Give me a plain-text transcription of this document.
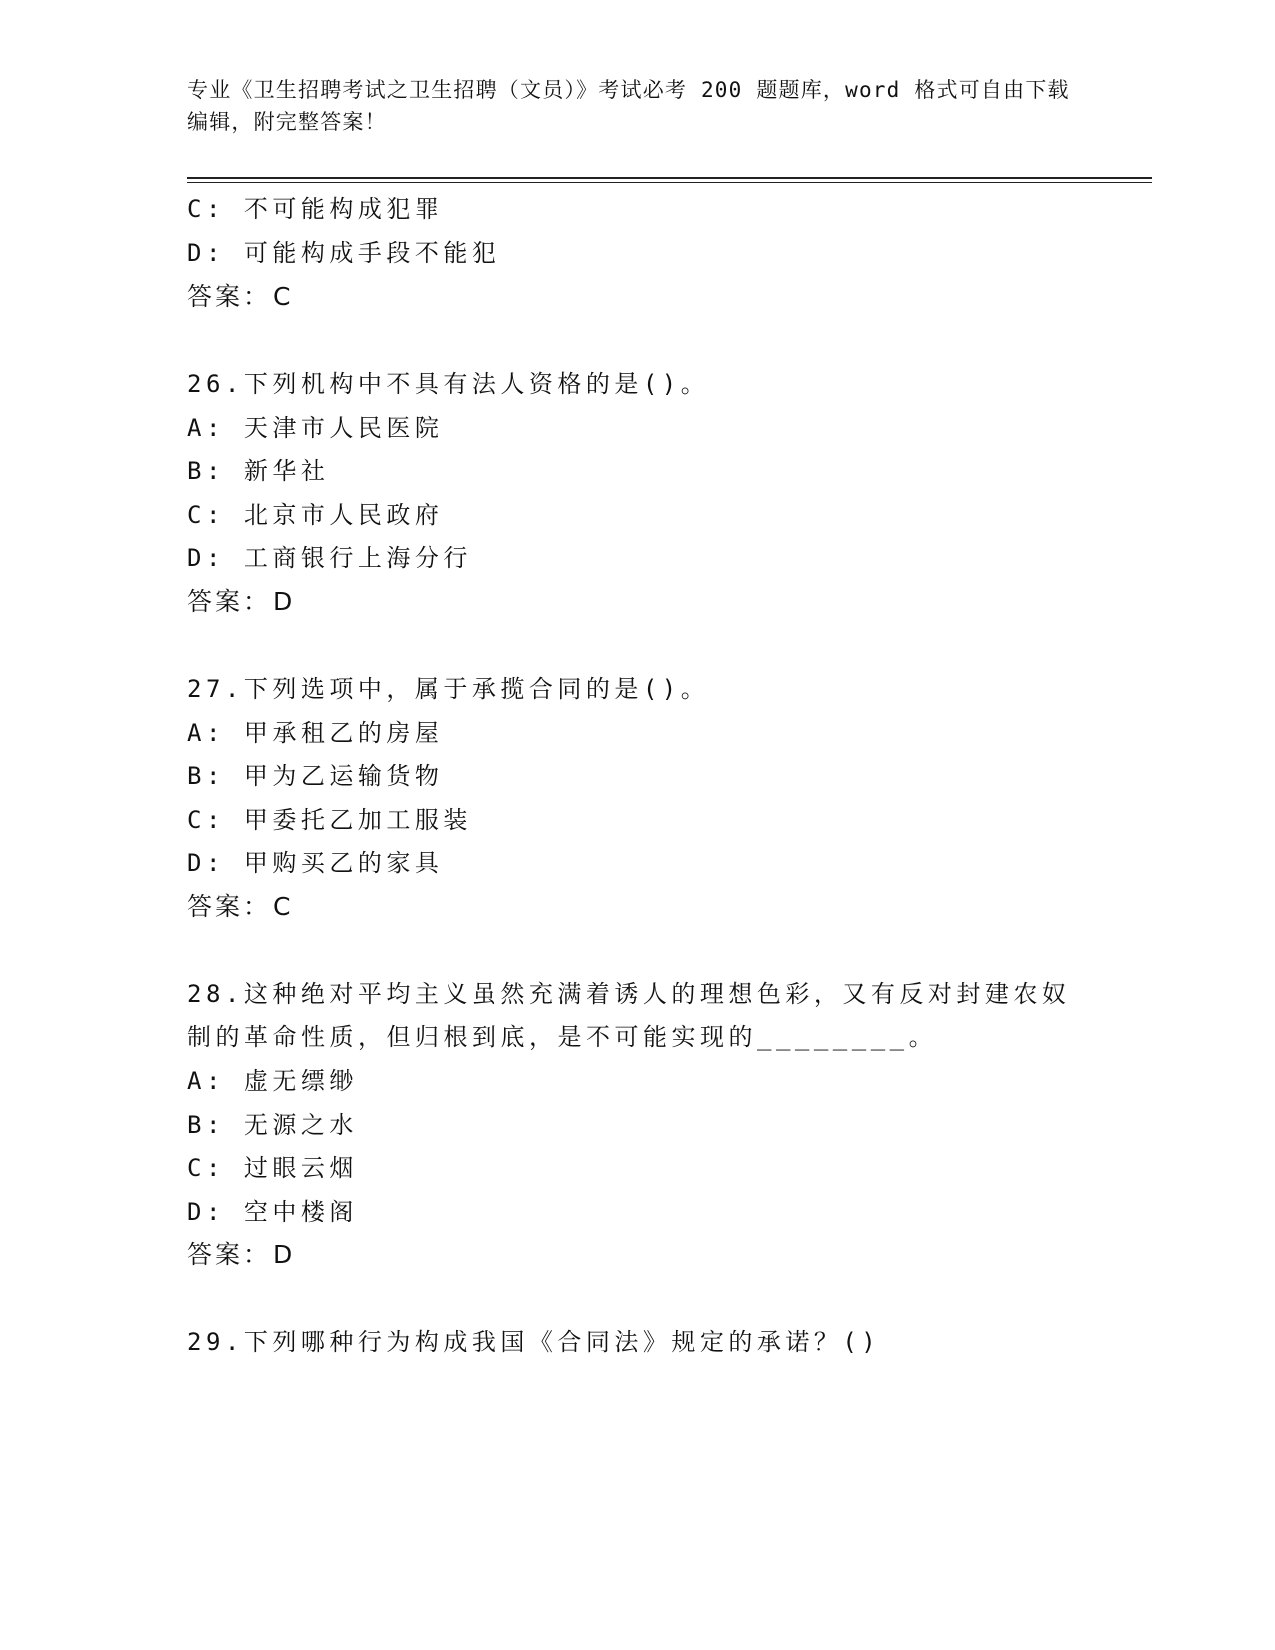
专业《卫生招聘考试之卫生招聘（文员）》考试必考 200 题题库，word 格式可自由下载编辑，附完整答案！
C: 不可能构成犯罪
D: 可能构成手段不能犯
答案：C
26.下列机构中不具有法人资格的是()。
A: 天津市人民医院
B: 新华社
C: 北京市人民政府
D: 工商银行上海分行
答案：D
27.下列选项中，属于承揽合同的是()。
A: 甲承租乙的房屋
B: 甲为乙运输货物
C: 甲委托乙加工服装
D: 甲购买乙的家具
答案：C
28.这种绝对平均主义虽然充满着诱人的理想色彩，又有反对封建农奴
制的革命性质，但归根到底，是不可能实现的________。
A: 虚无缥缈
B: 无源之水
C: 过眼云烟
D: 空中楼阁
答案：D
29.下列哪种行为构成我国《合同法》规定的承诺？()
